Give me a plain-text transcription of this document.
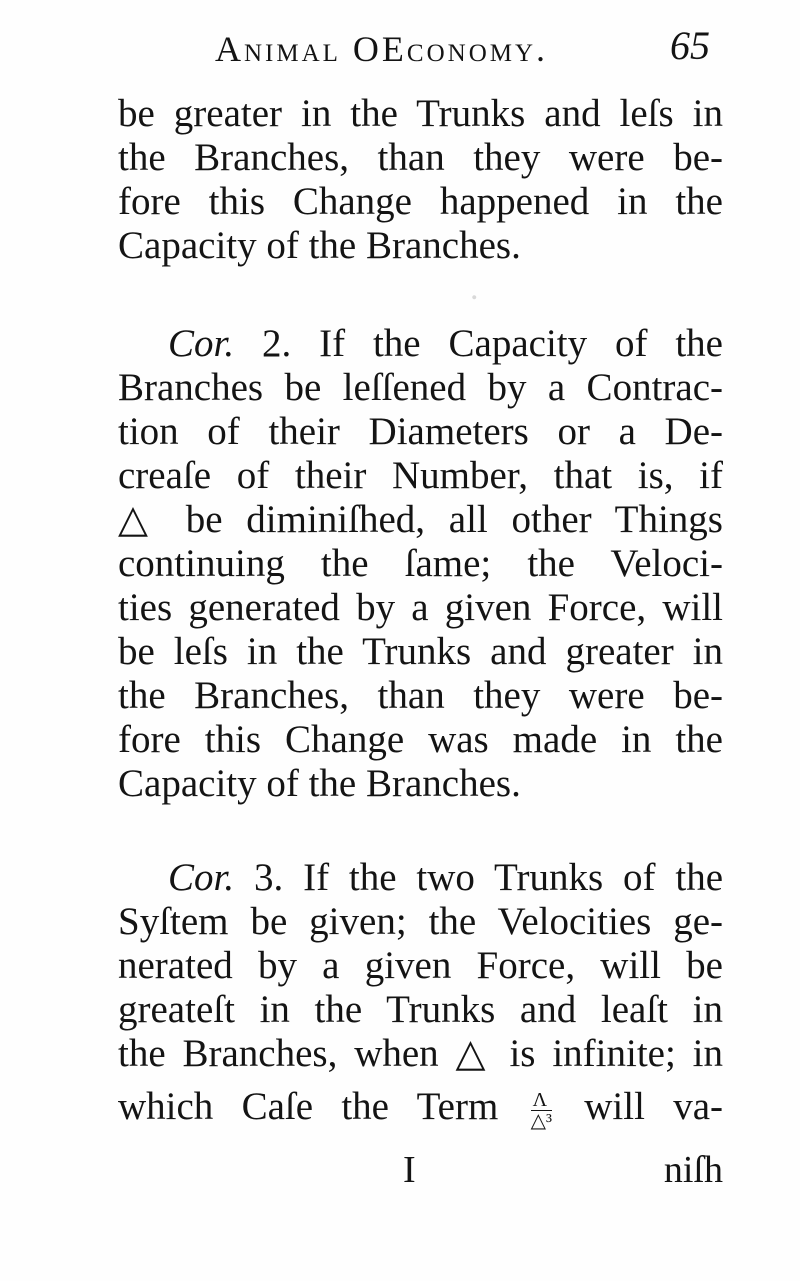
.
Animal OEconomy.	65
be greater in the Trunks and leſs in
the Branches, than they were be-
fore this Change happened in the
Capacity of the Branches.
Cor. 2. If the Capacity of the
Branches be leſſened by a Contrac-
tion of their Diameters or a De-
creaſe of their Number, that is, if
△ be diminiſhed, all other Things
continuing the ſame; the Veloci-
ties generated by a given Force, will
be leſs in the Trunks and greater in
the Branches, than they were be-
fore this Change was made in the
Capacity of the Branches.
Cor. 3. If the two Trunks of the
Syſtem be given; the Velocities ge-
nerated by a given Force, will be
greateſt in the Trunks and leaſt in
the Branches, when △ is infinite; in
which Caſe the Term $\frac{\Lambda}{\text{△³}}$ will va-
I	niſh
